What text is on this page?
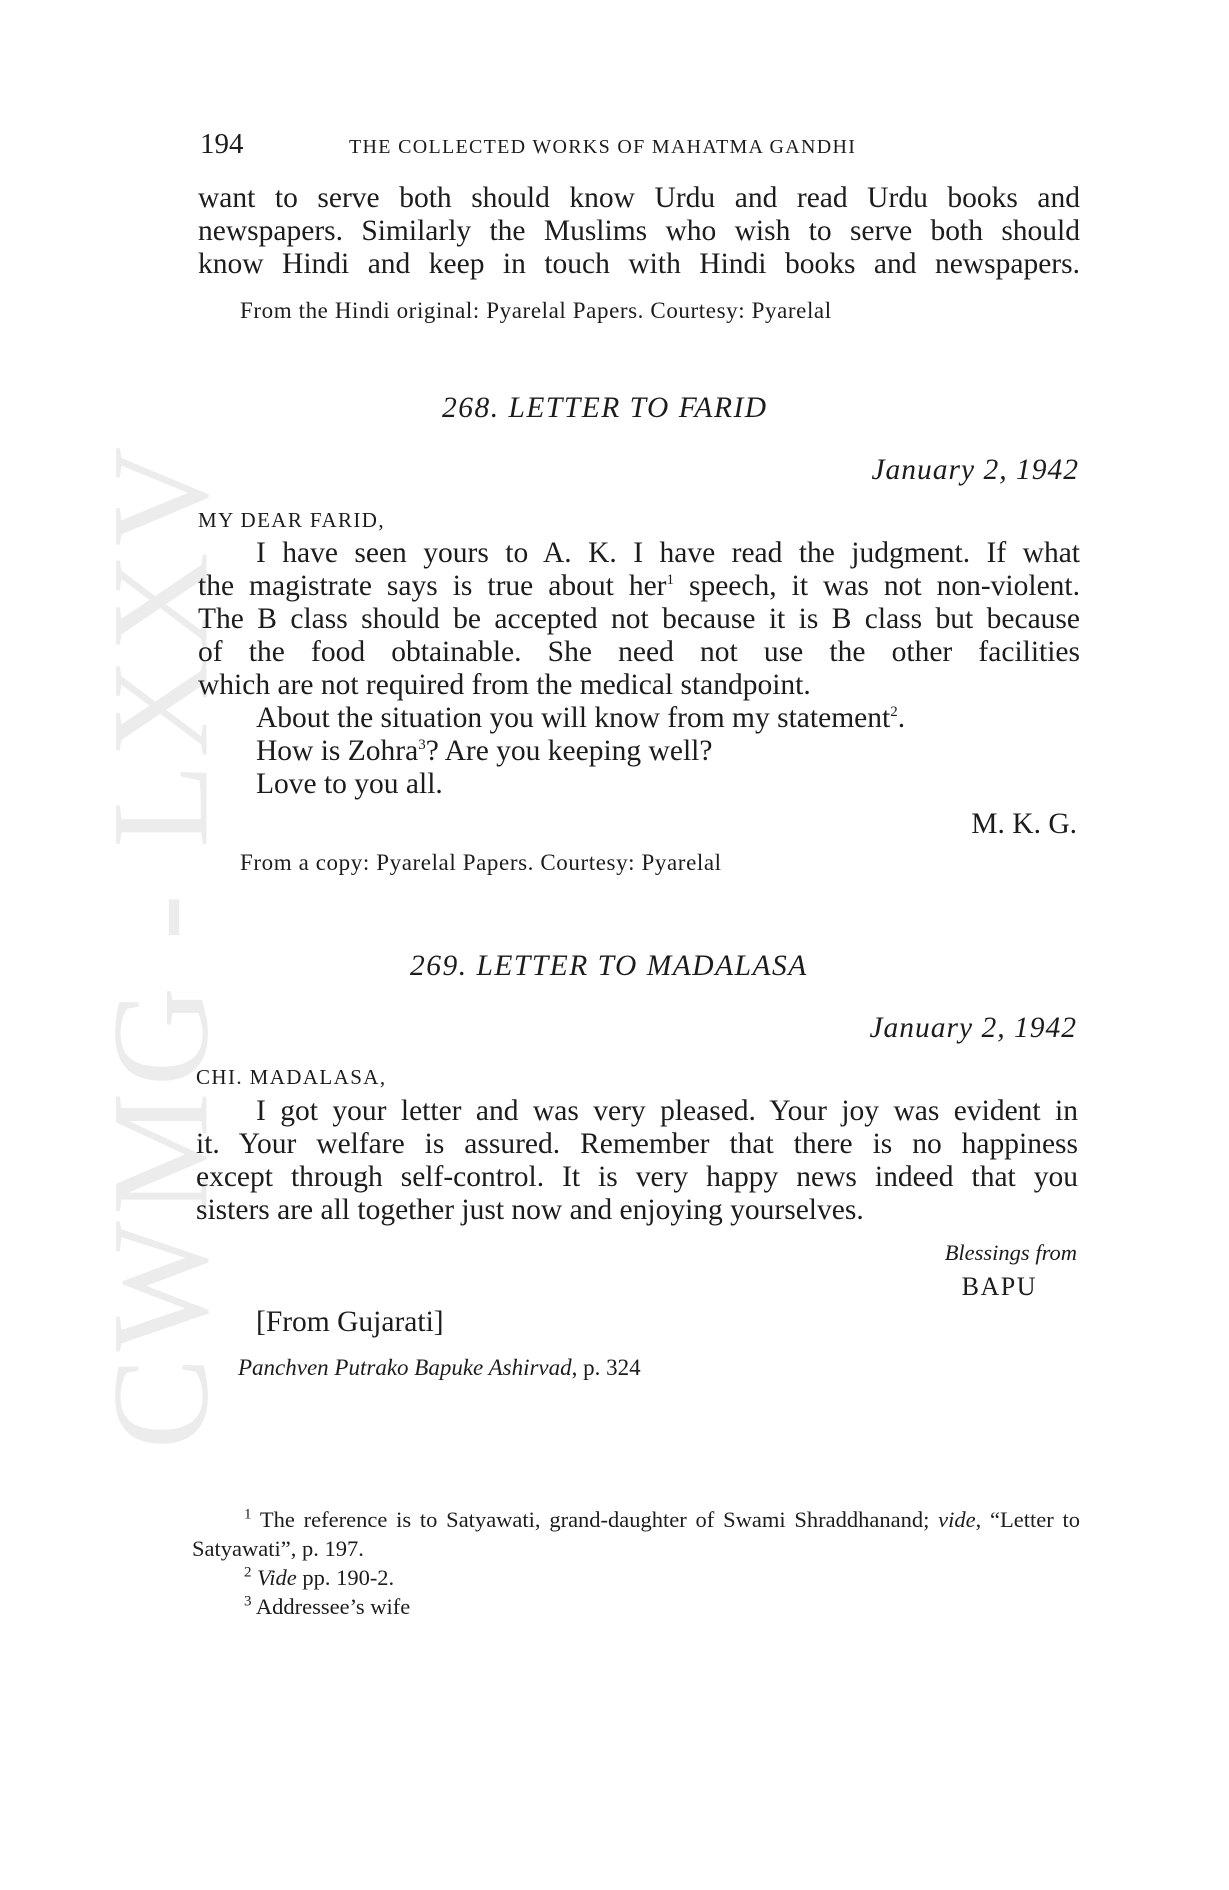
CWMG - LXXV
194	THE COLLECTED WORKS OF MAHATMA GANDHI
want to serve both should know Urdu and read Urdu books and
newspapers. Similarly the Muslims who wish to serve both should
know Hindi and keep in touch with Hindi books and newspapers.
From the Hindi original: Pyarelal Papers. Courtesy: Pyarelal
268. LETTER TO FARID
January 2, 1942
MY DEAR FARID,
I have seen yours to A. K. I have read the judgment. If what
the magistrate says is true about her$^1$ speech, it was not non-violent.
The B class should be accepted not because it is B class but because
of the food obtainable. She need not use the other facilities
which are not required from the medical standpoint.
About the situation you will know from my statement$^2$.
How is Zohra$^3$? Are you keeping well?
Love to you all.
M. K. G.
From a copy: Pyarelal Papers. Courtesy: Pyarelal
269. LETTER TO MADALASA
January 2, 1942
CHI. MADALASA,
I got your letter and was very pleased. Your joy was evident in
it. Your welfare is assured. Remember that there is no happiness
except through self-control. It is very happy news indeed that you
sisters are all together just now and enjoying yourselves.
Blessings from
BAPU
[From Gujarati]
Panchven Putrako Bapuke Ashirvad, p. 324
$^1$ The reference is to Satyawati, grand-daughter of Swami Shraddhanand; vide, “Letter to Satyawati”, p. 197.
$^2$ Vide pp. 190-2.
$^3$ Addressee’s wife
